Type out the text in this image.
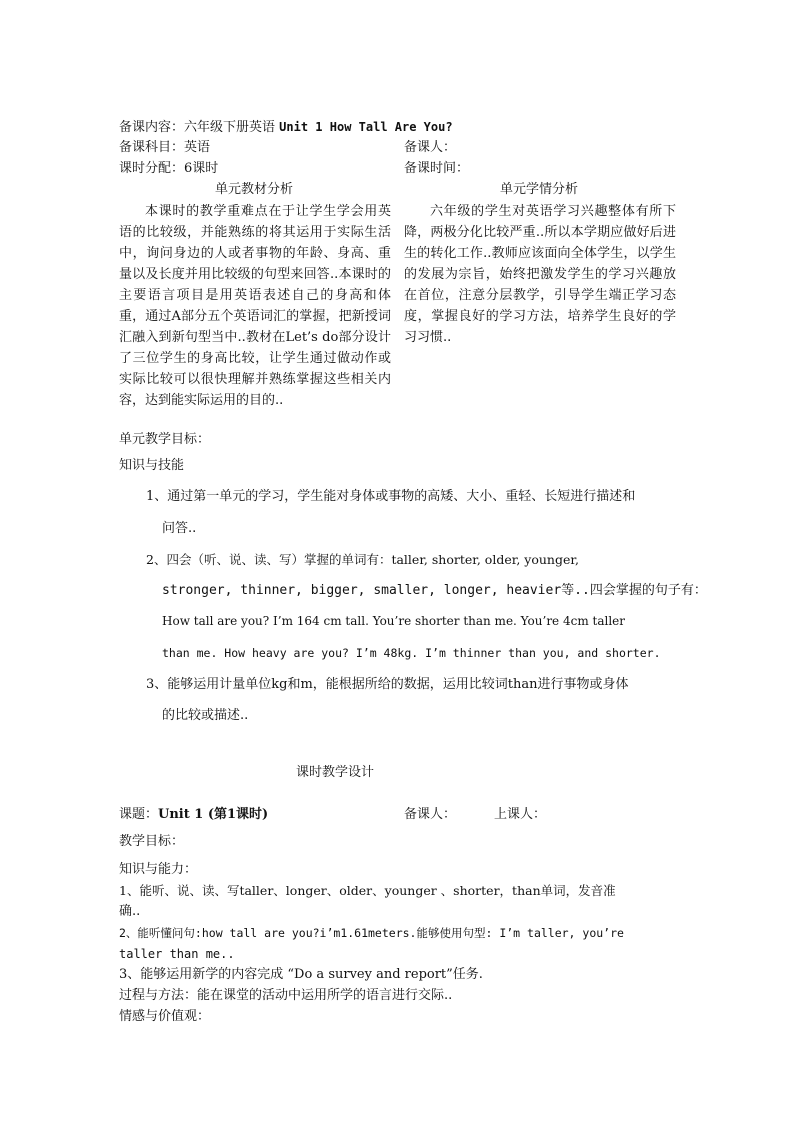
备课内容：六年级下册英语 Unit 1 How Tall Are You?
备课科目：英语	备课人：
课时分配：6课时	备课时间：
单元教材分析	单元学情分析
本课时的教学重难点在于让学生学会用英语的比较级，并能熟练的将其运用于实际生活中，询问身边的人或者事物的年龄、身高、重量以及长度并用比较级的句型来回答..本课时的主要语言项目是用英语表述自己的身高和体重，通过A部分五个英语词汇的掌握，把新授词汇融入到新句型当中..教材在Let’s do部分设计了三位学生的身高比较，让学生通过做动作或实际比较可以很快理解并熟练掌握这些相关内容，达到能实际运用的目的..
六年级的学生对英语学习兴趣整体有所下降，两极分化比较严重..所以本学期应做好后进生的转化工作..教师应该面向全体学生，以学生的发展为宗旨，始终把激发学生的学习兴趣放在首位，注意分层教学，引导学生端正学习态度，掌握良好的学习方法，培养学生良好的学习习惯..
单元教学目标：
知识与技能
1、通过第一单元的学习，学生能对身体或事物的高矮、大小、重轻、长短进行描述和
问答..
2、四会（听、说、读、写）掌握的单词有：taller, shorter, older, younger,
stronger, thinner, bigger, smaller, longer, heavier等..四会掌握的句子有：
How tall are you? I’m 164 cm tall. You’re shorter than me. You’re 4cm taller
than me. How heavy are you? I’m 48kg. I’m thinner than you, and shorter.
3、能够运用计量单位kg和m，能根据所给的数据，运用比较词than进行事物或身体
的比较或描述..
课时教学设计
课题：Unit 1 (第1课时)	备课人：	上课人：
教学目标：
知识与能力：
1、能听、说、读、写taller、longer、older、younger 、shorter，than单词，发音准
确..
2、能听懂问句:how tall are you?i’m1.61meters.能够使用句型: I’m taller, you’re
taller than me..
3、能够运用新学的内容完成 “Do a survey and report”任务.
过程与方法：能在课堂的活动中运用所学的语言进行交际..
情感与价值观：
